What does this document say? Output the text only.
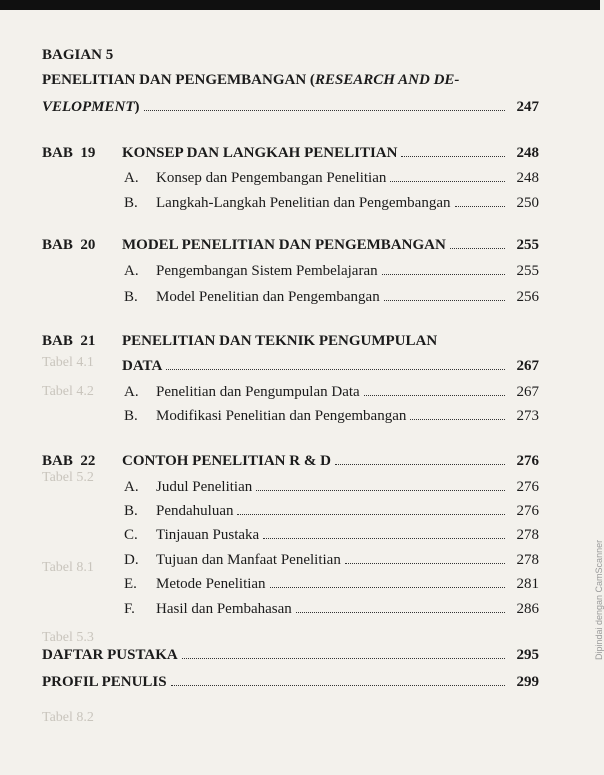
Tabel 4.1
Tabel 4.2
Tabel 5.2
Tabel 8.1
Tabel 5.3
Tabel 8.2
BAGIAN 5
PENELITIAN DAN PENGEMBANGAN (RESEARCH AND DE-
VELOPMENT)	247
BAB 19 KONSEP DAN LANGKAH PENELITIAN	248
A. Konsep dan Pengembangan Penelitian	248
B. Langkah-Langkah Penelitian dan Pengembangan	250
BAB 20 MODEL PENELITIAN DAN PENGEMBANGAN	255
A. Pengembangan Sistem Pembelajaran	255
B. Model Penelitian dan Pengembangan	256
BAB 21 PENELITIAN DAN TEKNIK PENGUMPULAN
DATA	267
A. Penelitian dan Pengumpulan Data	267
B. Modifikasi Penelitian dan Pengembangan	273
BAB 22 CONTOH PENELITIAN R & D	276
A. Judul Penelitian	276
B. Pendahuluan	276
C. Tinjauan Pustaka	278
D. Tujuan dan Manfaat Penelitian	278
E. Metode Penelitian	281
F. Hasil dan Pembahasan	286
DAFTAR PUSTAKA	295
PROFIL PENULIS	299
Dipindai dengan CamScanner
